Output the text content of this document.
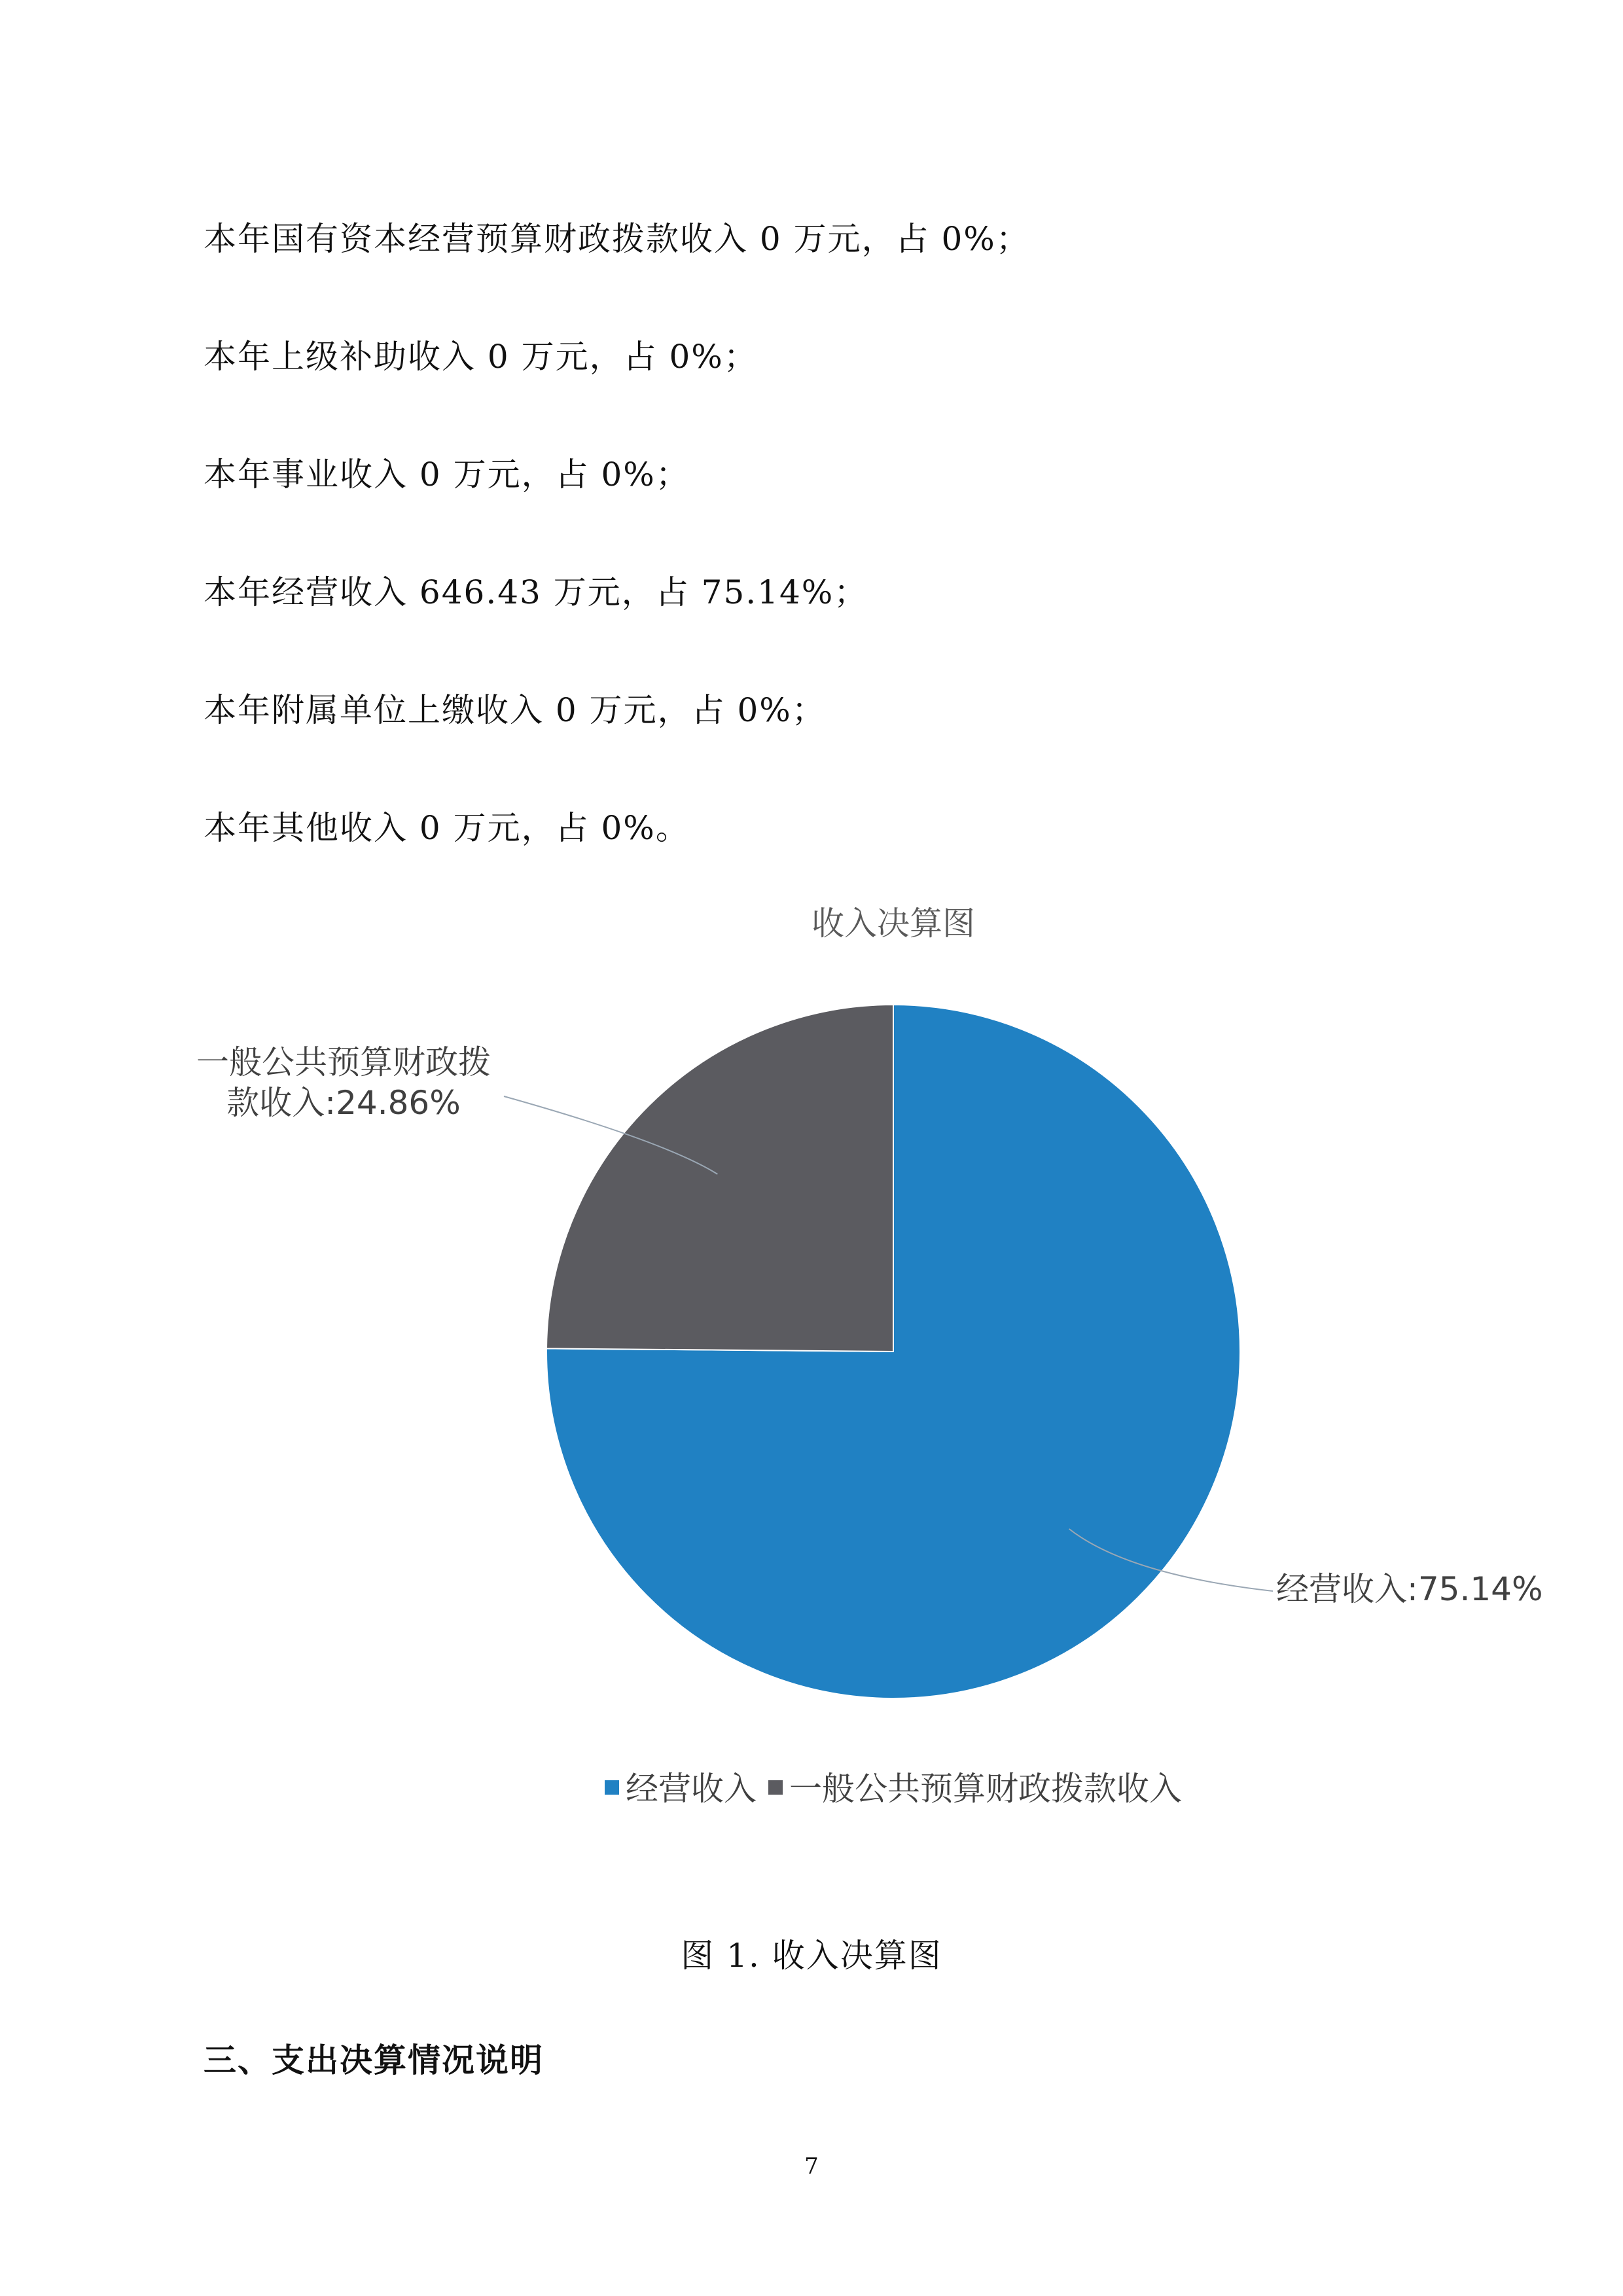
本年国有资本经营预算财政拨款收入 0 万元，占 0%；
本年上级补助收入 0 万元，占 0%；
本年事业收入 0 万元，占 0%；
本年经营收入 646.43 万元，占 75.14%；
本年附属单位上缴收入 0 万元，占 0%；
本年其他收入 0 万元，占 0%。
收入决算图
经营收入:75.14%
一般公共预算财政拨款收入:24.86%
经营收入 一般公共预算财政拨款收入
图 1. 收入决算图
三、支出决算情况说明
7
